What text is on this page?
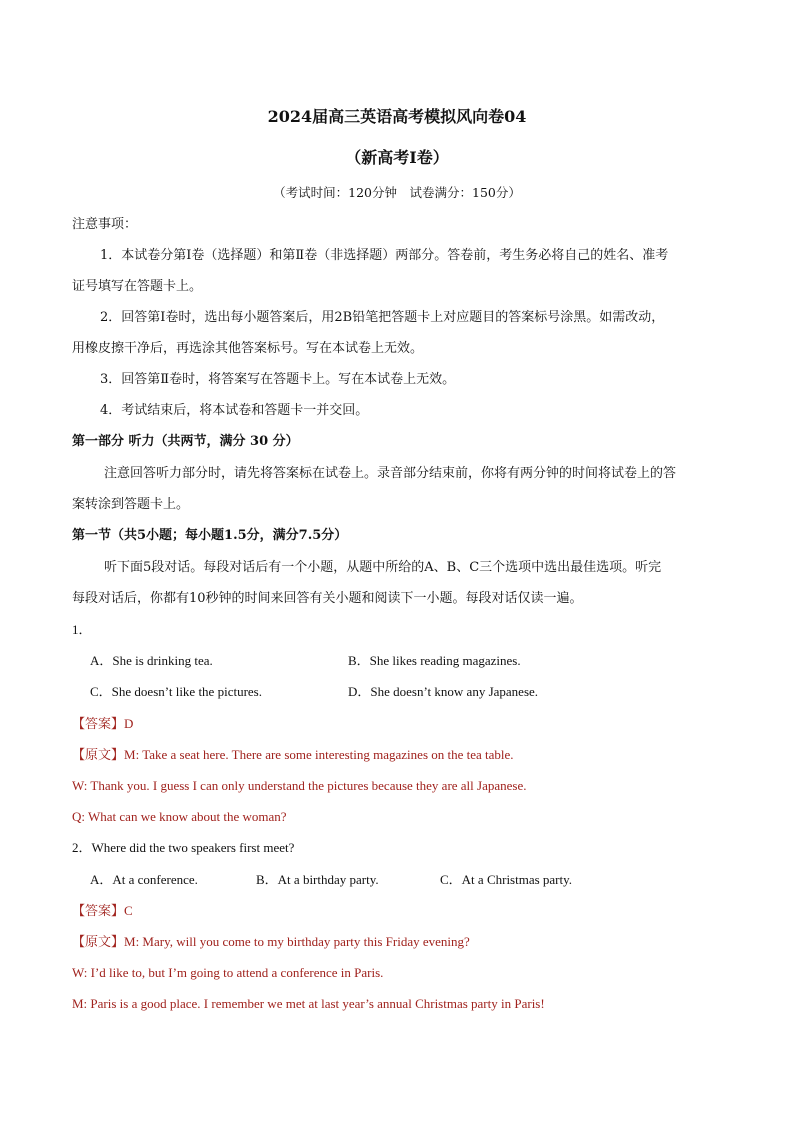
2024届高三英语高考模拟风向卷04
（新高考I卷）
（考试时间：120分钟　试卷满分：150分）
注意事项：
1．本试卷分第Ⅰ卷（选择题）和第Ⅱ卷（非选择题）两部分。答卷前，考生务必将自己的姓名、准考
证号填写在答题卡上。
2．回答第Ⅰ卷时，选出每小题答案后，用2B铅笔把答题卡上对应题目的答案标号涂黑。如需改动，
用橡皮擦干净后，再选涂其他答案标号。写在本试卷上无效。
3．回答第Ⅱ卷时，将答案写在答题卡上。写在本试卷上无效。
4．考试结束后，将本试卷和答题卡一并交回。
第一部分 听力（共两节，满分 30 分）
注意回答听力部分时，请先将答案标在试卷上。录音部分结束前，你将有两分钟的时间将试卷上的答
案转涂到答题卡上。
第一节（共5小题；每小题1.5分，满分7.5分）
听下面5段对话。每段对话后有一个小题，从题中所给的A、B、C三个选项中选出最佳选项。听完
每段对话后，你都有10秒钟的时间来回答有关小题和阅读下一小题。每段对话仅读一遍。
1．
A．She is drinking tea.	B．She likes reading magazines.
C．She doesn’t like the pictures.	D．She doesn’t know any Japanese.
【答案】D
【原文】M: Take a seat here. There are some interesting magazines on the tea table.
W: Thank you. I guess I can only understand the pictures because they are all Japanese.
Q: What can we know about the woman?
2．Where did the two speakers first meet?
A．At a conference.	B．At a birthday party.	C．At a Christmas party.
【答案】C
【原文】M: Mary, will you come to my birthday party this Friday evening?
W: I’d like to, but I’m going to attend a conference in Paris.
M: Paris is a good place. I remember we met at last year’s annual Christmas party in Paris!
